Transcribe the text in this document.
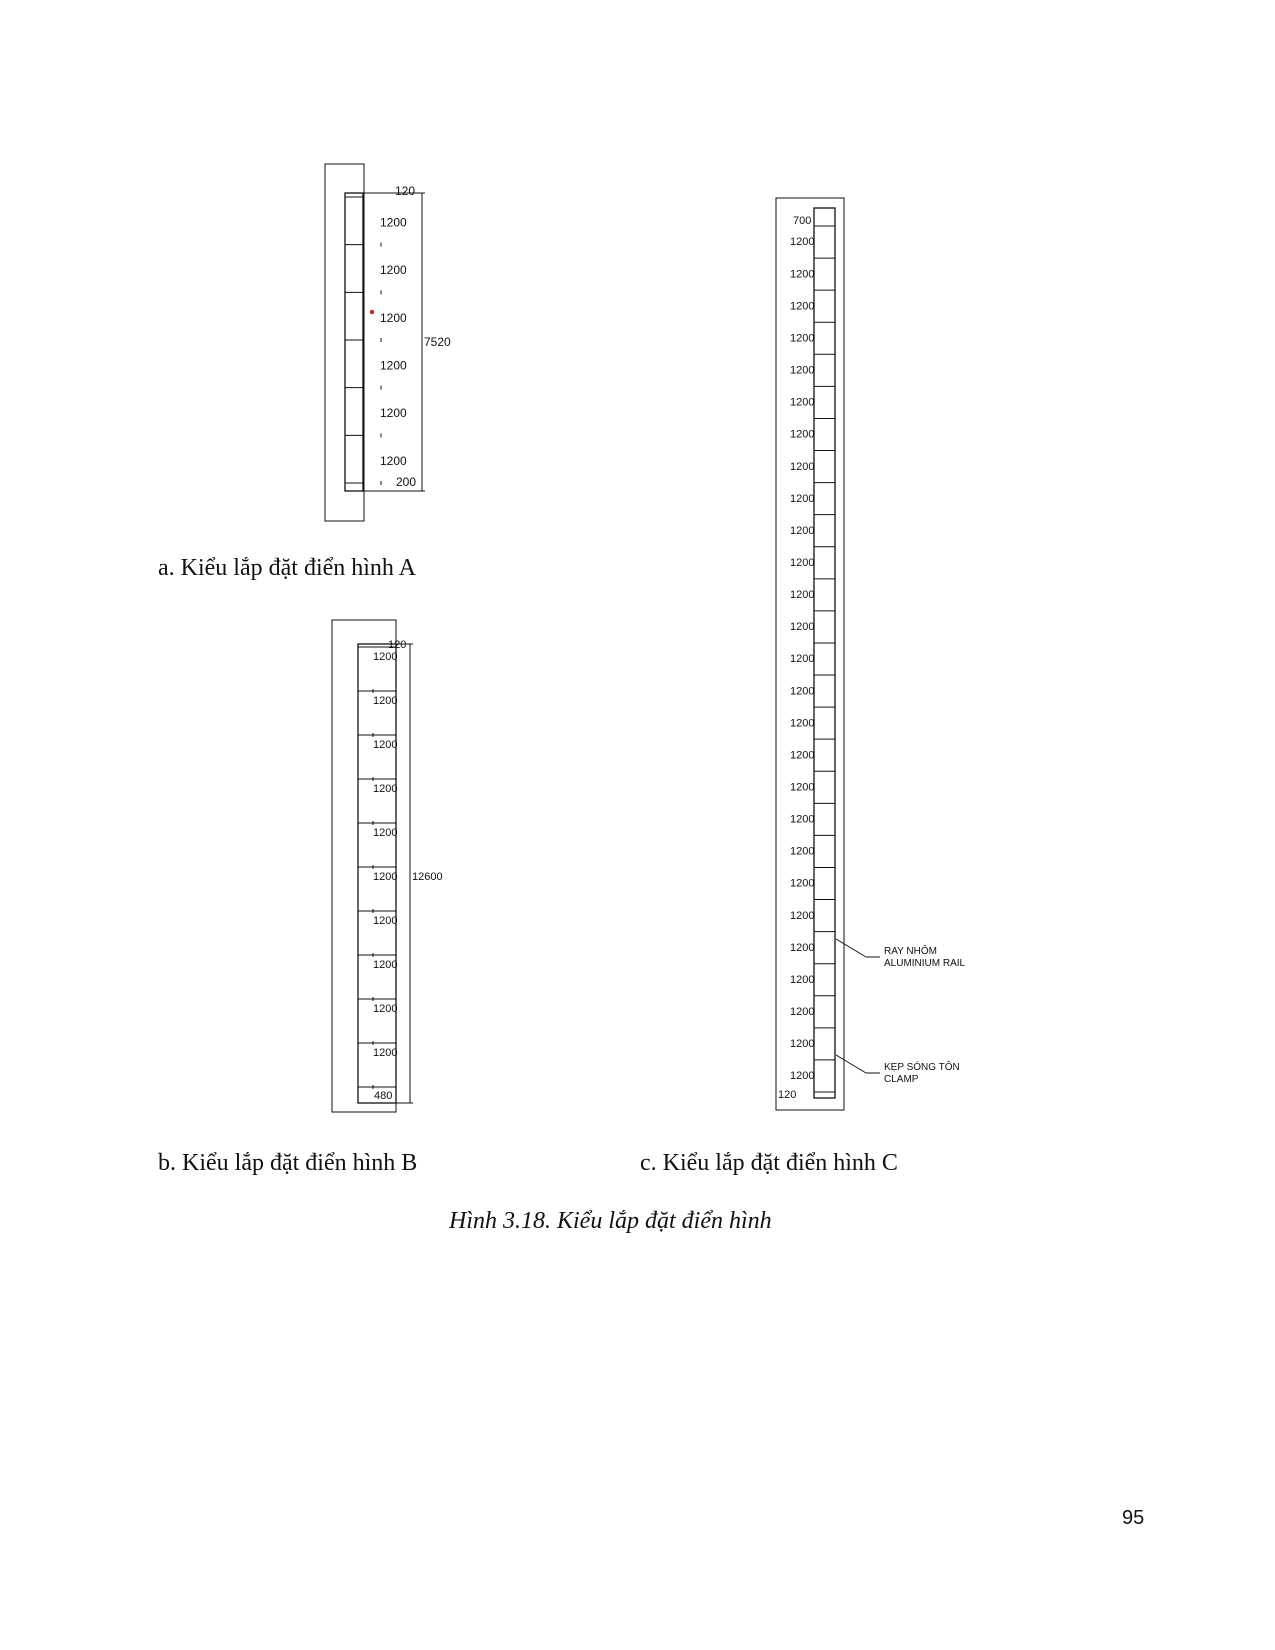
1200
1200
1200
1200
1200
1200
120
200
7520
1200
1200
1200
1200
1200
1200
1200
1200
1200
1200
120
480
12600
1200
1200
1200
1200
1200
1200
1200
1200
1200
1200
1200
1200
1200
1200
1200
1200
1200
1200
1200
1200
1200
1200
1200
1200
1200
1200
1200
700
120
RAY NHÔM
ALUMINIUM RAIL
KẸP SÓNG TÔN
CLAMP
a. Kiểu lắp đặt điển hình A
b. Kiểu lắp đặt điển hình B	c. Kiểu lắp đặt điển hình C
Hình 3.18. Kiểu lắp đặt điển hình
95
